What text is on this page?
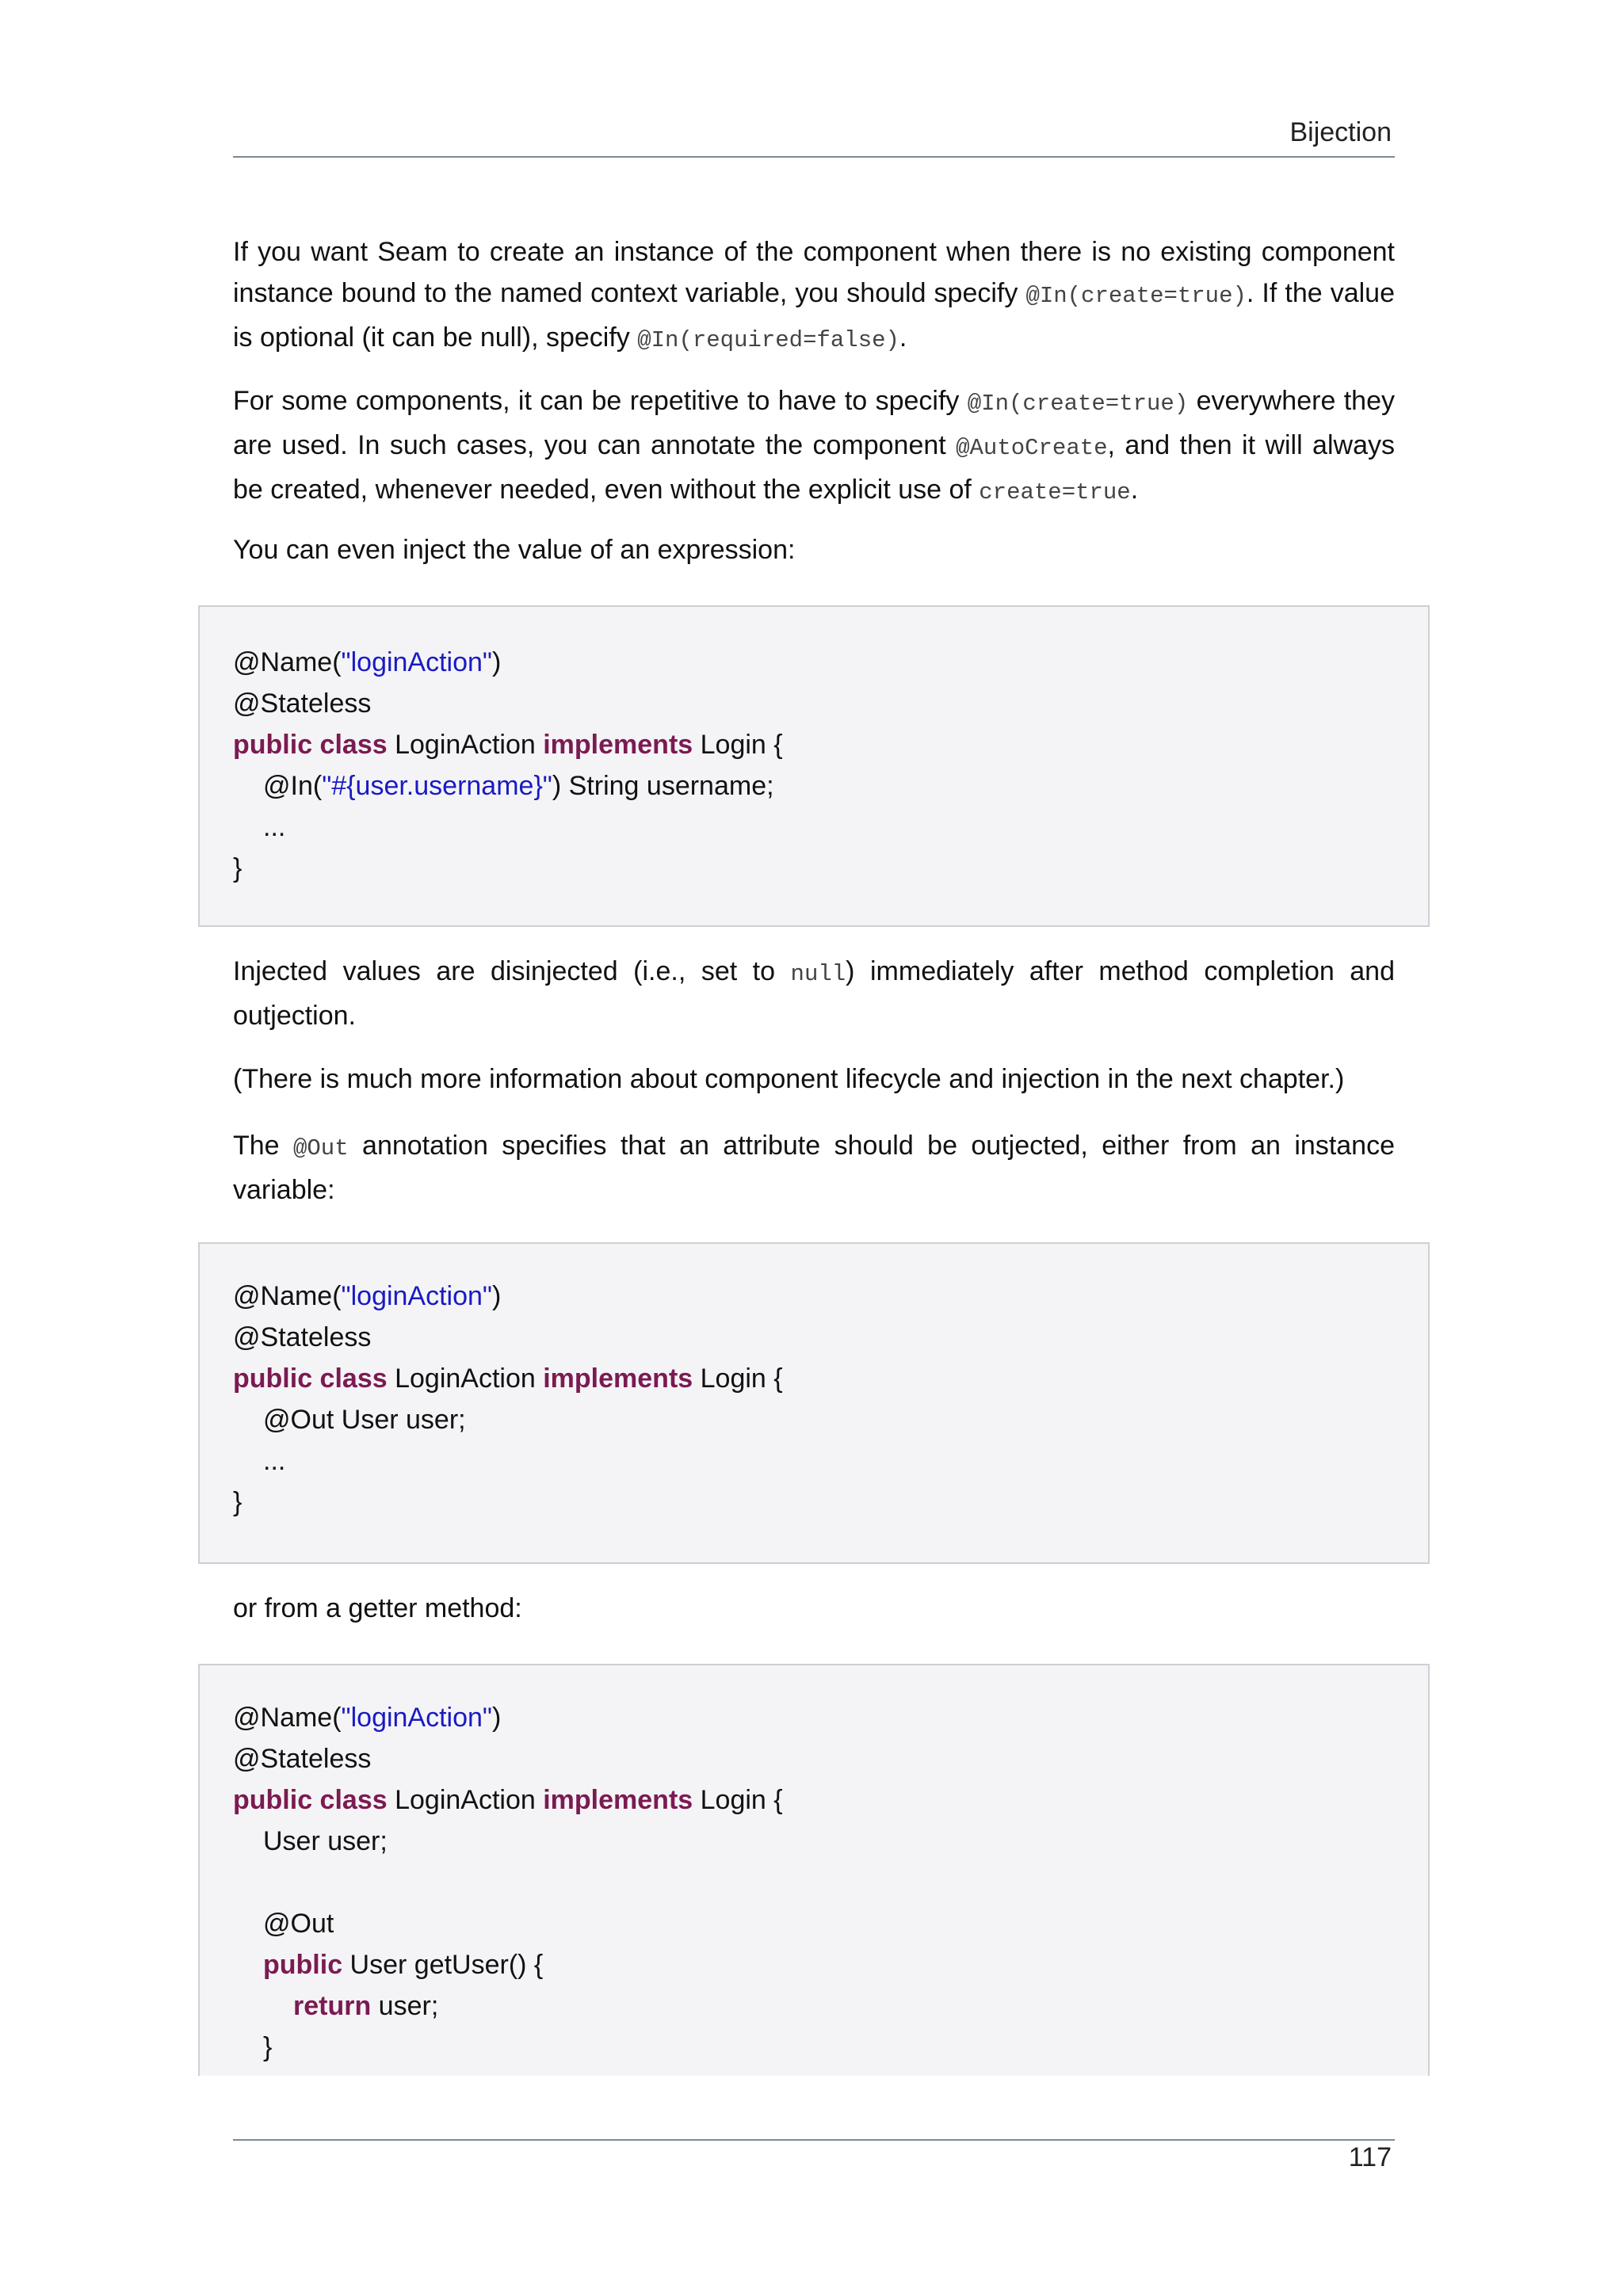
Bijection

If you want Seam to create an instance of the component when there is no existing component instance bound to the named context variable, you should specify @In(create=true). If the value is optional (it can be null), specify @In(required=false).

For some components, it can be repetitive to have to specify @In(create=true) everywhere they are used. In such cases, you can annotate the component @AutoCreate, and then it will always be created, whenever needed, even without the explicit use of create=true.

You can even inject the value of an expression:

@Name("loginAction")
@Stateless
public class LoginAction implements Login {
@In("#{user.username}") String username;
...
}

Injected values are disinjected (i.e., set to null) immediately after method completion and outjection.

(There is much more information about component lifecycle and injection in the next chapter.)

The @Out annotation specifies that an attribute should be outjected, either from an instance variable:

@Name("loginAction")
@Stateless
public class LoginAction implements Login {
@Out User user;
...
}

or from a getter method:

@Name("loginAction")
@Stateless
public class LoginAction implements Login {
User user;
@Out
public User getUser() {
return user;
}
117
